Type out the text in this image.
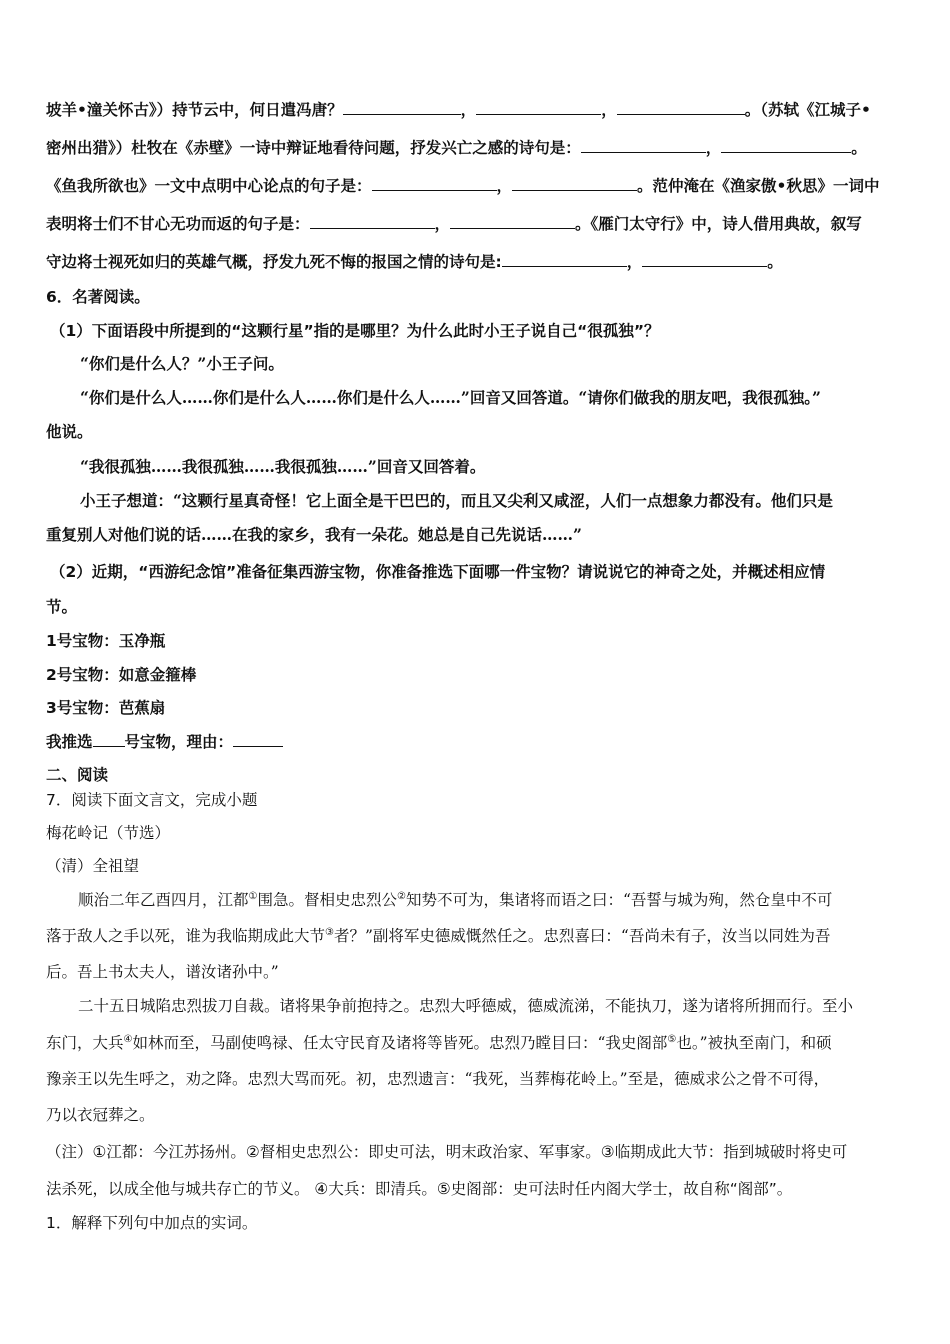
坡羊•潼关怀古》）持节云中，何日遣冯唐？	，	，	。（苏轼《江城子•
密州出猎》）杜牧在《赤壁》一诗中辩证地看待问题，抒发兴亡之感的诗句是：	，	。
《鱼我所欲也》一文中点明中心论点的句子是：	，	。范仲淹在《渔家傲•秋思》一词中
表明将士们不甘心无功而返的句子是：	，	。《雁门太守行》中，诗人借用典故，叙写
守边将士视死如归的英雄气概，抒发九死不悔的报国之情的诗句是:	，	。
6．名著阅读。
（1）下面语段中所提到的“这颗行星”指的是哪里？为什么此时小王子说自己“很孤独”？
“你们是什么人？”小王子问。
“你们是什么人……你们是什么人……你们是什么人……”回音又回答道。“请你们做我的朋友吧，我很孤独。”
他说。
“我很孤独……我很孤独……我很孤独……”回音又回答着。
小王子想道：“这颗行星真奇怪！它上面全是干巴巴的，而且又尖利又咸涩，人们一点想象力都没有。他们只是
重复别人对他们说的话……在我的家乡，我有一朵花。她总是自己先说话……”
（2）近期，“西游纪念馆”准备征集西游宝物，你准备推选下面哪一件宝物？请说说它的神奇之处，并概述相应情
节。
1号宝物：玉净瓶
2号宝物：如意金箍棒
3号宝物：芭蕉扇
我推选 号宝物，理由：
二、阅读
7．阅读下面文言文，完成小题
梅花岭记（节选）
（清）全祖望
顺治二年乙酉四月，江都①围急。督相史忠烈公②知势不可为，集诸将而语之曰：“吾誓与城为殉，然仓皇中不可
落于敌人之手以死，谁为我临期成此大节③者？”副将军史德威慨然任之。忠烈喜曰：“吾尚未有子，汝当以同姓为吾
后。吾上书太夫人，谱汝诸孙中。”
二十五日城陷忠烈拔刀自裁。诸将果争前抱持之。忠烈大呼德威，德威流涕，不能执刀，遂为诸将所拥而行。至小
东门，大兵④如林而至，马副使鸣禄、任太守民育及诸将等皆死。忠烈乃瞠目曰：“我史阁部⑤也。”被执至南门，和硕
豫亲王以先生呼之，劝之降。忠烈大骂而死。初，忠烈遗言：“我死，当葬梅花岭上。”至是，德威求公之骨不可得，
乃以衣冠葬之。
（注）①江都：今江苏扬州。②督相史忠烈公：即史可法，明末政治家、军事家。③临期成此大节：指到城破时将史可
法杀死，以成全他与城共存亡的节义。 ④大兵：即清兵。⑤史阁部：史可法时任内阁大学士，故自称“阁部”。
1．解释下列句中加点的实词。
